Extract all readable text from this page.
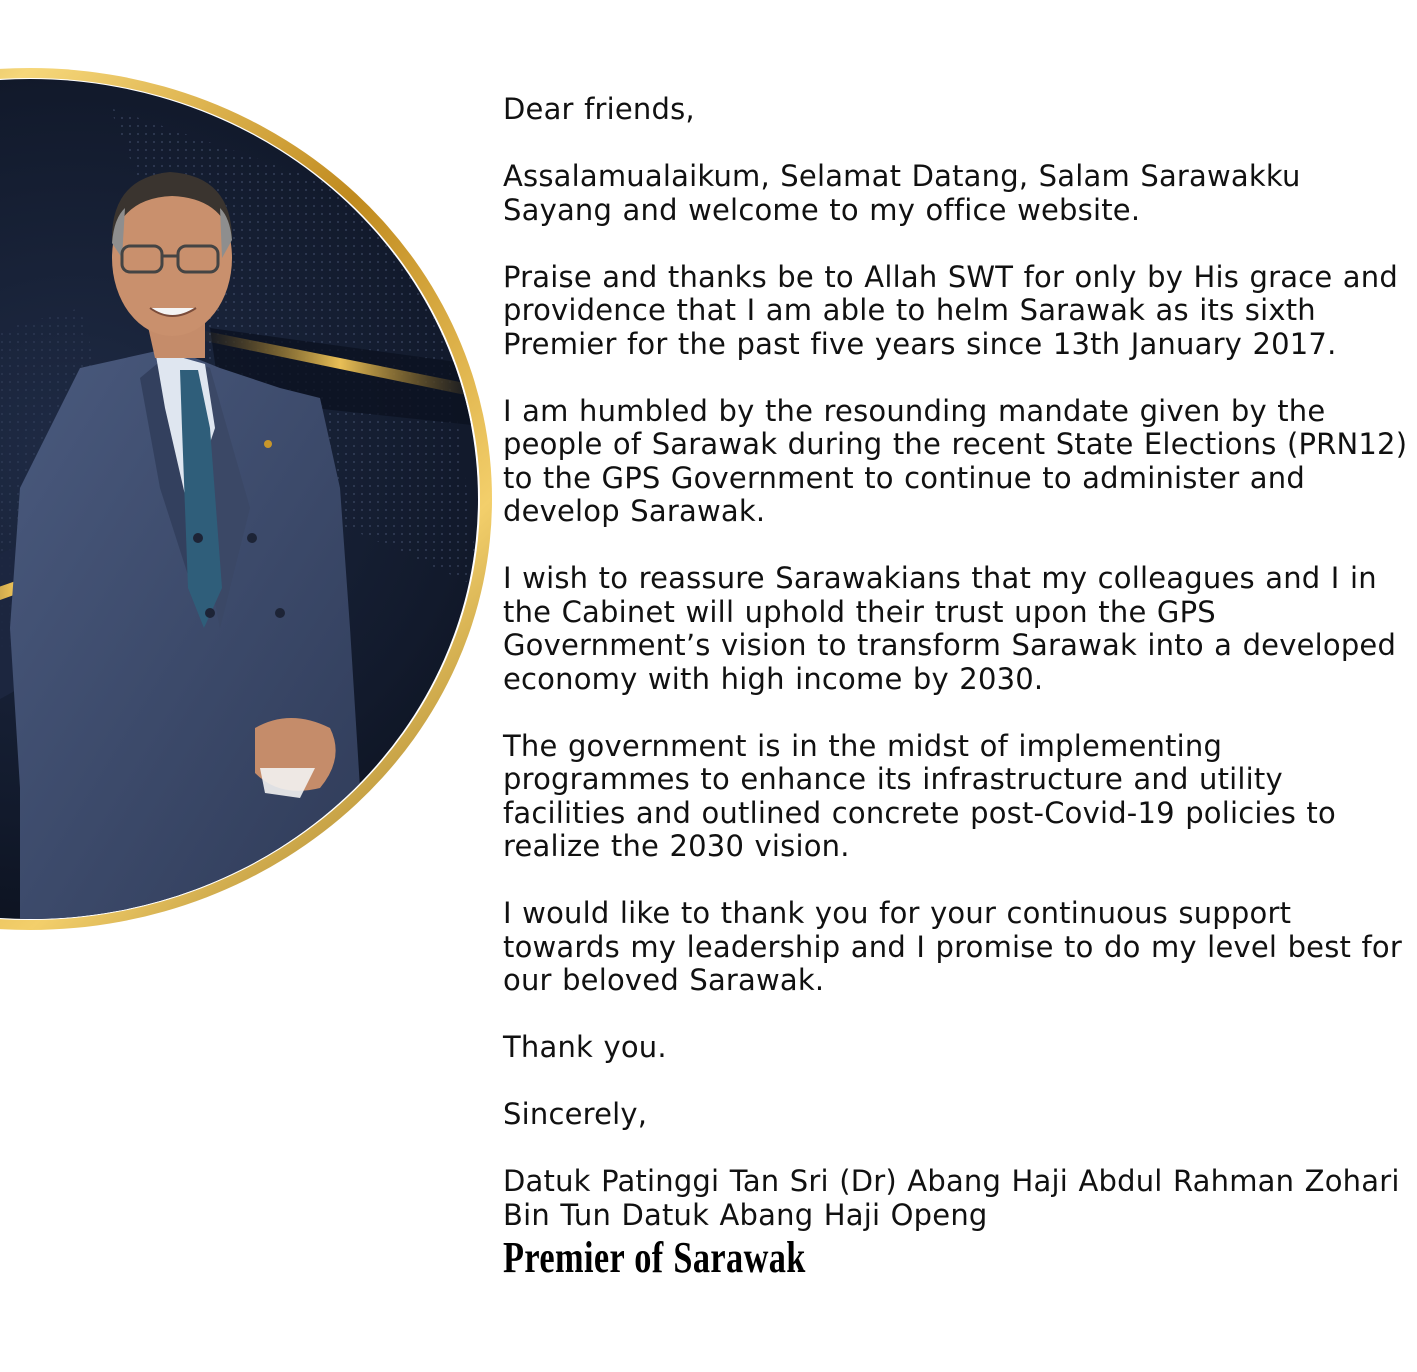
Dear friends,

Assalamualaikum, Selamat Datang, Salam Sarawakku Sayang and welcome to my office website.

Praise and thanks be to Allah SWT for only by His grace and providence that I am able to helm Sarawak as its sixth Premier for the past five years since 13th January 2017.

I am humbled by the resounding mandate given by the people of Sarawak during the recent State Elections (PRN12) to the GPS Government to continue to administer and develop Sarawak.

I wish to reassure Sarawakians that my colleagues and I in the Cabinet will uphold their trust upon the GPS Government’s vision to transform Sarawak into a developed economy with high income by 2030.

The government is in the midst of implementing programmes to enhance its infrastructure and utility facilities and outlined concrete post-Covid-19 policies to realize the 2030 vision.

I would like to thank you for your continuous support towards my leadership and I promise to do my level best for our beloved Sarawak.

Thank you.

Sincerely,

Datuk Patinggi Tan Sri (Dr) Abang Haji Abdul Rahman Zohari Bin Tun Datuk Abang Haji Openg

Premier of Sarawak
